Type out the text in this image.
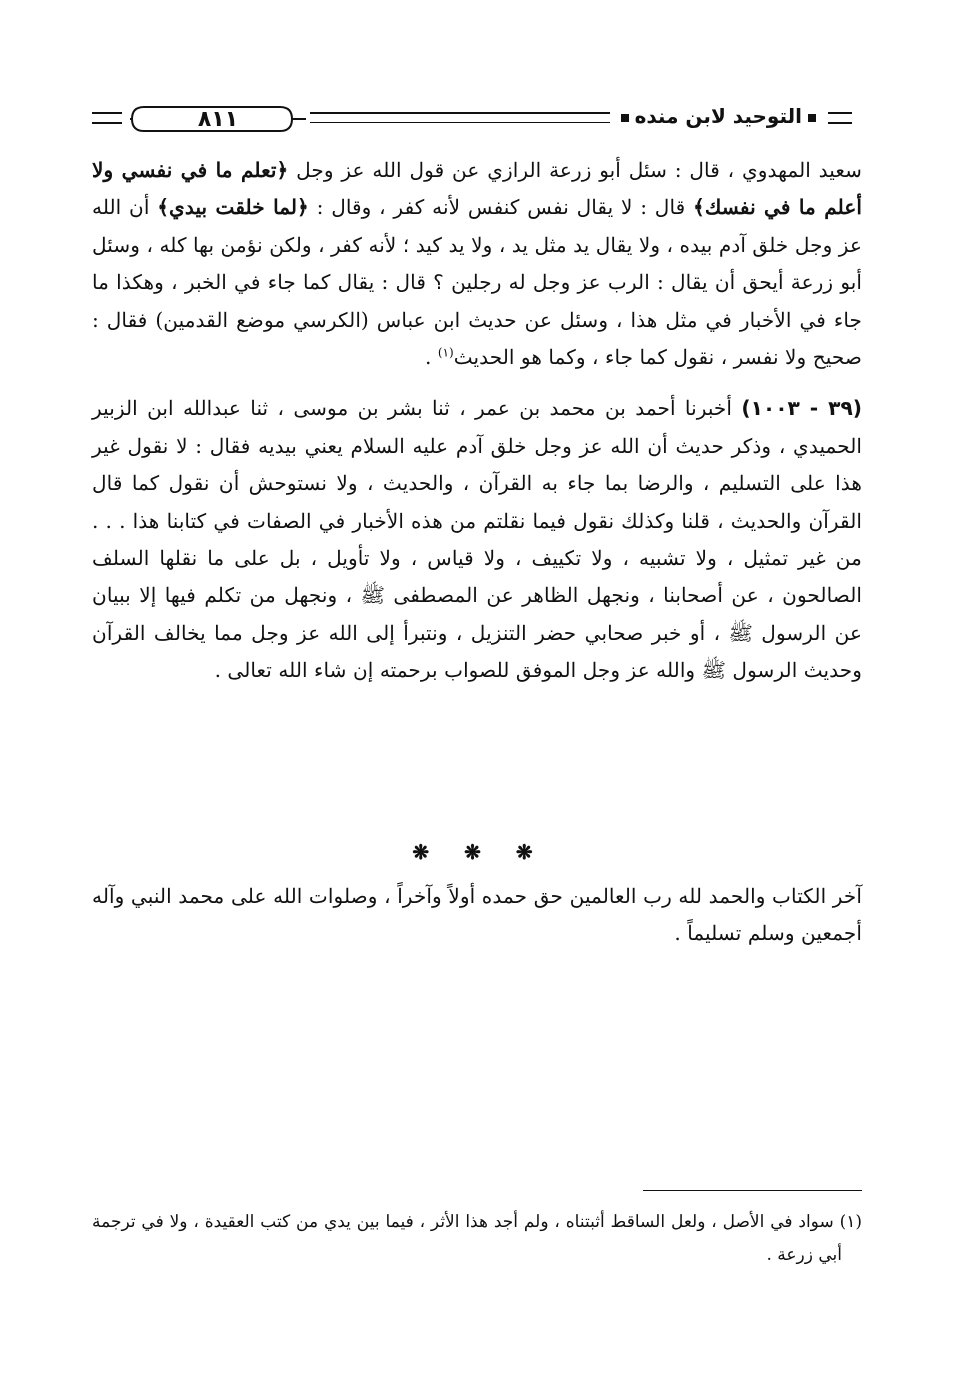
٨١١	التوحيد لابن منده

سعيد المهدوي ، قال : سئل أبو زرعة الرازي عن قول الله عز وجل ﴿تعلم ما في نفسي ولا أعلم ما في نفسك﴾ قال : لا يقال نفس كنفس لأنه كفر ، وقال : ﴿لما خلقت بيدي﴾ أن الله عز وجل خلق آدم بيده ، ولا يقال يد مثل يد ، ولا يد كيد ؛ لأنه كفر ، ولكن نؤمن بها كله ، وسئل أبو زرعة أيحق أن يقال : الرب عز وجل له رجلين ؟ قال : يقال كما جاء في الخبر ، وهكذا ما جاء في الأخبار في مثل هذا ، وسئل عن حديث ابن عباس (الكرسي موضع القدمين) فقال : صحيح ولا نفسر ، نقول كما جاء ، وكما هو الحديث$^{(١)}$ .

(٣٩ - ١٠٠٣) أخبرنا أحمد بن محمد بن عمر ، ثنا بشر بن موسى ، ثنا عبدالله ابن الزبير الحميدي ، وذكر حديث أن الله عز وجل خلق آدم عليه السلام يعني بيديه فقال : لا نقول غير هذا على التسليم ، والرضا بما جاء به القرآن ، والحديث ، ولا نستوحش أن نقول كما قال القرآن والحديث ، قلنا وكذلك نقول فيما نقلتم من هذه الأخبار في الصفات في كتابنا هذا . . . من غير تمثيل ، ولا تشبيه ، ولا تكييف ، ولا قياس ، ولا تأويل ، بل على ما نقلها السلف الصالحون ، عن أصحابنا ، ونجهل الظاهر عن المصطفى ﷺ ، ونجهل من تكلم فيها إلا ببيان عن الرسول ﷺ ، أو خبر صحابي حضر التنزيل ، ونتبرأ إلى الله عز وجل مما يخالف القرآن وحديث الرسول ﷺ والله عز وجل الموفق للصواب برحمته إن شاء الله تعالى .

❋ ❋ ❋

آخر الكتاب والحمد لله رب العالمين حق حمده أولاً وآخراً ، وصلوات الله على محمد النبي وآله أجمعين وسلم تسليماً .

(١) سواد في الأصل ، ولعل الساقط أثبتناه ، ولم أجد هذا الأثر ، فيما بين يدي من كتب العقيدة ، ولا في ترجمة أبي زرعة .
